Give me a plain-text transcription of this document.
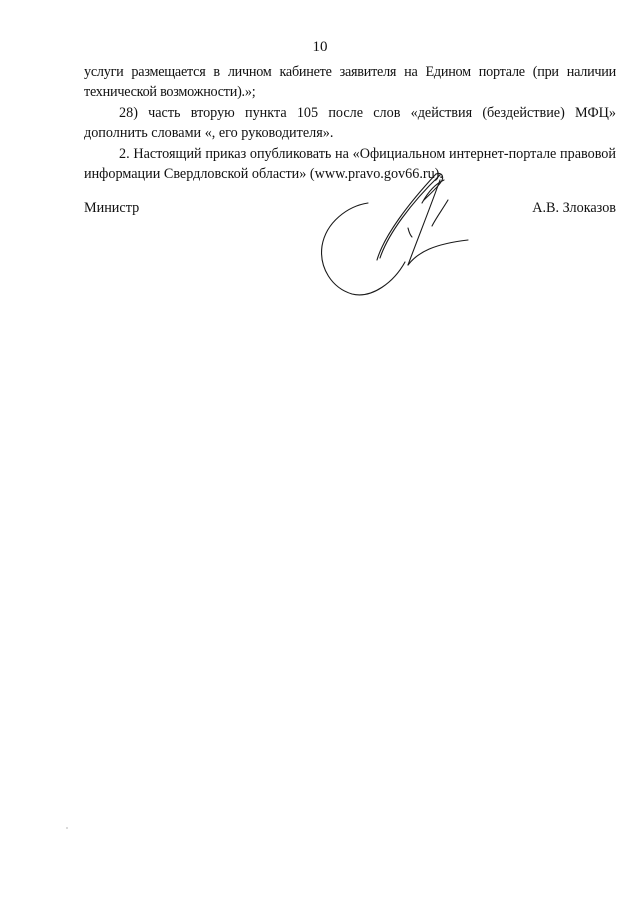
10

услуги размещается в личном кабинете заявителя на Едином портале (при наличии технической возможности).»;

28) часть вторую пункта 105 после слов «действия (бездействие) МФЦ» дополнить словами «, его руководителя».

2. Настоящий приказ опубликовать на «Официальном интернет-портале правовой информации Свердловской области» (www.pravo.gov66.ru).

Министр	А.В. Злоказов
